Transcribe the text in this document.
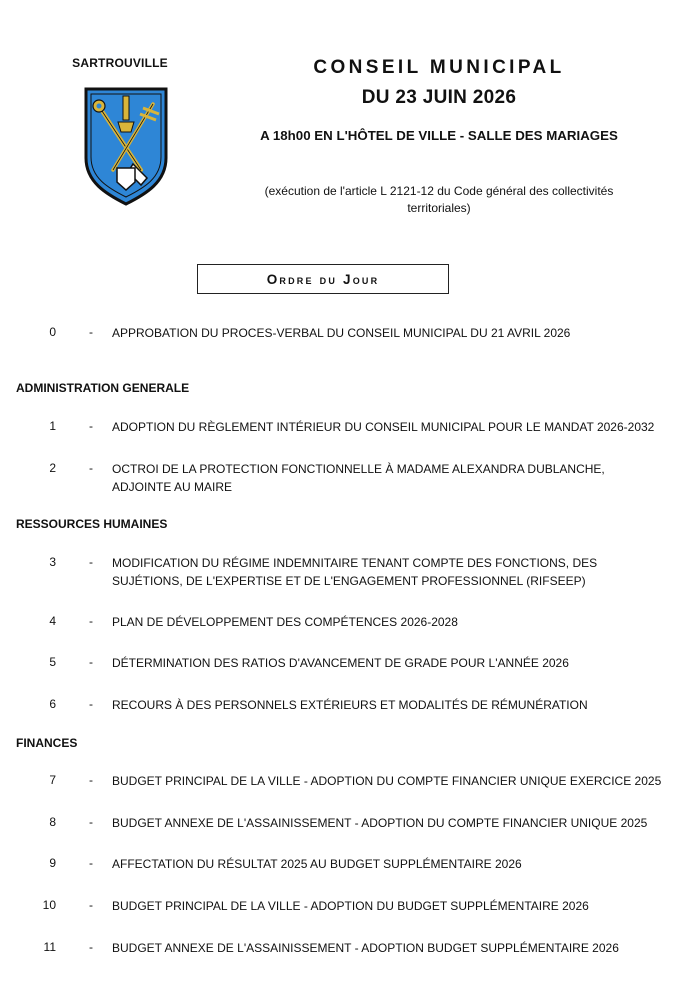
SARTROUVILLE	CONSEIL MUNICIPAL
DU 23 JUIN 2026
A 18h00 EN L'HÔTEL DE VILLE - SALLE DES MARIAGES
(exécution de l'article L 2121-12 du Code général des collectivités
territoriales)
Ordre du Jour
0	- APPROBATION DU PROCES-VERBAL DU CONSEIL MUNICIPAL DU 21 AVRIL 2026
1	- ADOPTION DU RÈGLEMENT INTÉRIEUR DU CONSEIL MUNICIPAL POUR LE MANDAT 2026-2032
2	- OCTROI DE LA PROTECTION FONCTIONNELLE À MADAME ALEXANDRA DUBLANCHE,
ADJOINTE AU MAIRE
3	- MODIFICATION DU RÉGIME INDEMNITAIRE TENANT COMPTE DES FONCTIONS, DES
SUJÉTIONS, DE L'EXPERTISE ET DE L'ENGAGEMENT PROFESSIONNEL (RIFSEEP)
4	- PLAN DE DÉVELOPPEMENT DES COMPÉTENCES 2026-2028
5	- DÉTERMINATION DES RATIOS D'AVANCEMENT DE GRADE POUR L'ANNÉE 2026
6	- RECOURS À DES PERSONNELS EXTÉRIEURS ET MODALITÉS DE RÉMUNÉRATION
7	- BUDGET PRINCIPAL DE LA VILLE - ADOPTION DU COMPTE FINANCIER UNIQUE EXERCICE 2025
8	- BUDGET ANNEXE DE L'ASSAINISSEMENT - ADOPTION DU COMPTE FINANCIER UNIQUE 2025
9	- AFFECTATION DU RÉSULTAT 2025 AU BUDGET SUPPLÉMENTAIRE 2026
10	- BUDGET PRINCIPAL DE LA VILLE - ADOPTION DU BUDGET SUPPLÉMENTAIRE 2026
11	- BUDGET ANNEXE DE L'ASSAINISSEMENT - ADOPTION BUDGET SUPPLÉMENTAIRE 2026
ADMINISTRATION GENERALE
RESSOURCES HUMAINES
FINANCES
